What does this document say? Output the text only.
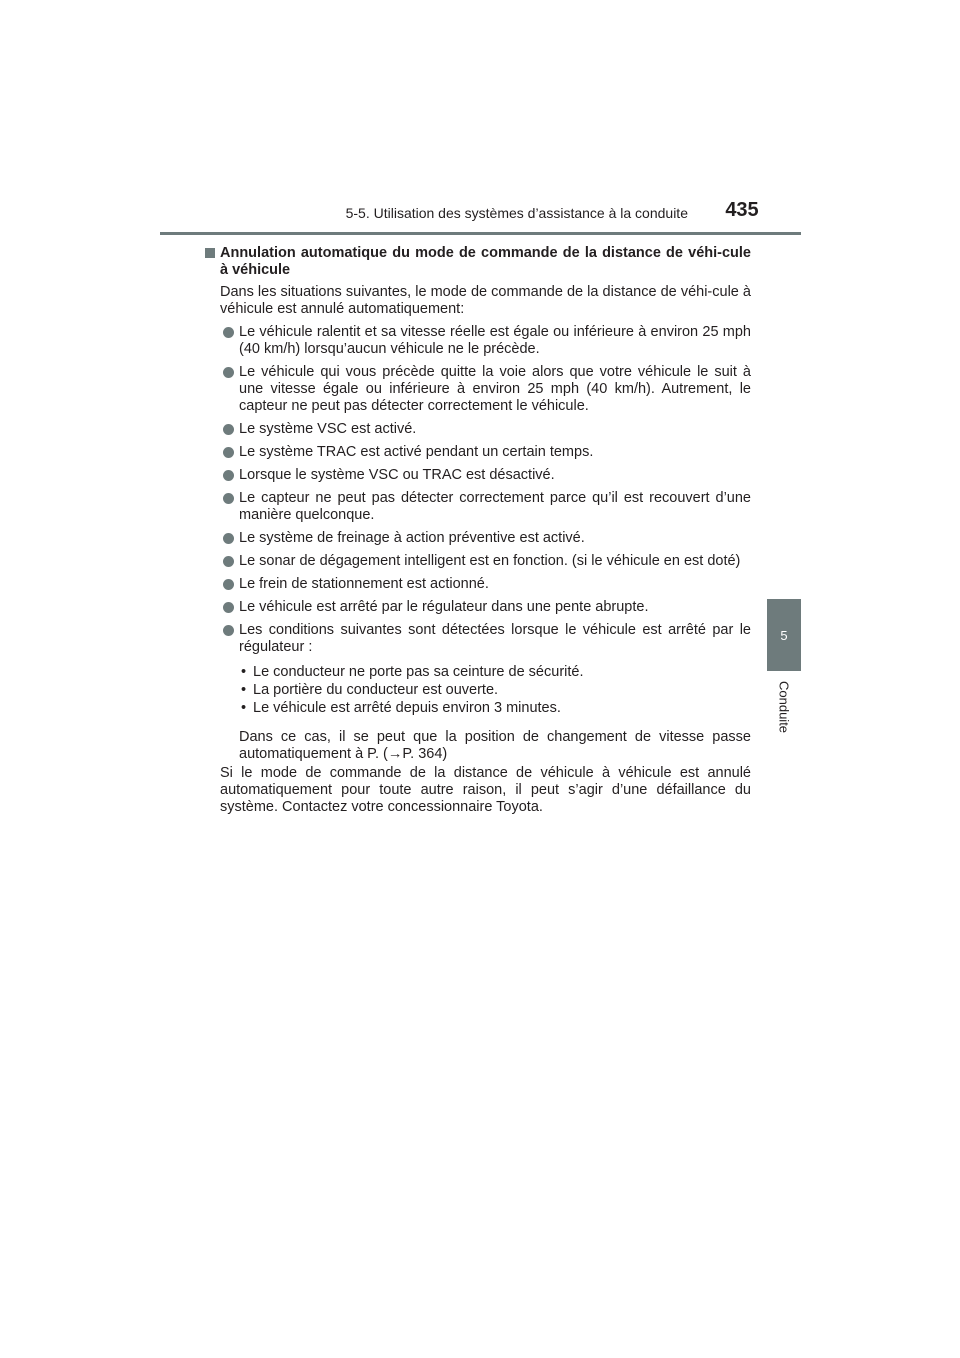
5-5. Utilisation des systèmes d’assistance à la conduite 435
5
Conduite
Annulation automatique du mode de commande de la distance de véhi-cule à véhicule
Dans les situations suivantes, le mode de commande de la distance de véhi-cule à véhicule est annulé automatiquement:
Le véhicule ralentit et sa vitesse réelle est égale ou inférieure à environ 25 mph (40 km/h) lorsqu’aucun véhicule ne le précède.
Le véhicule qui vous précède quitte la voie alors que votre véhicule le suit à une vitesse égale ou inférieure à environ 25 mph (40 km/h). Autrement, le capteur ne peut pas détecter correctement le véhicule.
Le système VSC est activé.
Le système TRAC est activé pendant un certain temps.
Lorsque le système VSC ou TRAC est désactivé.
Le capteur ne peut pas détecter correctement parce qu’il est recouvert d’une manière quelconque.
Le système de freinage à action préventive est activé.
Le sonar de dégagement intelligent est en fonction. (si le véhicule en est doté)
Le frein de stationnement est actionné.
Le véhicule est arrêté par le régulateur dans une pente abrupte.
Les conditions suivantes sont détectées lorsque le véhicule est arrêté par le régulateur :
• Le conducteur ne porte pas sa ceinture de sécurité.
• La portière du conducteur est ouverte.
• Le véhicule est arrêté depuis environ 3 minutes.
Dans ce cas, il se peut que la position de changement de vitesse passe automatiquement à P. (→P. 364)
Si le mode de commande de la distance de véhicule à véhicule est annulé automatiquement pour toute autre raison, il peut s’agir d’une défaillance du système. Contactez votre concessionnaire Toyota.
